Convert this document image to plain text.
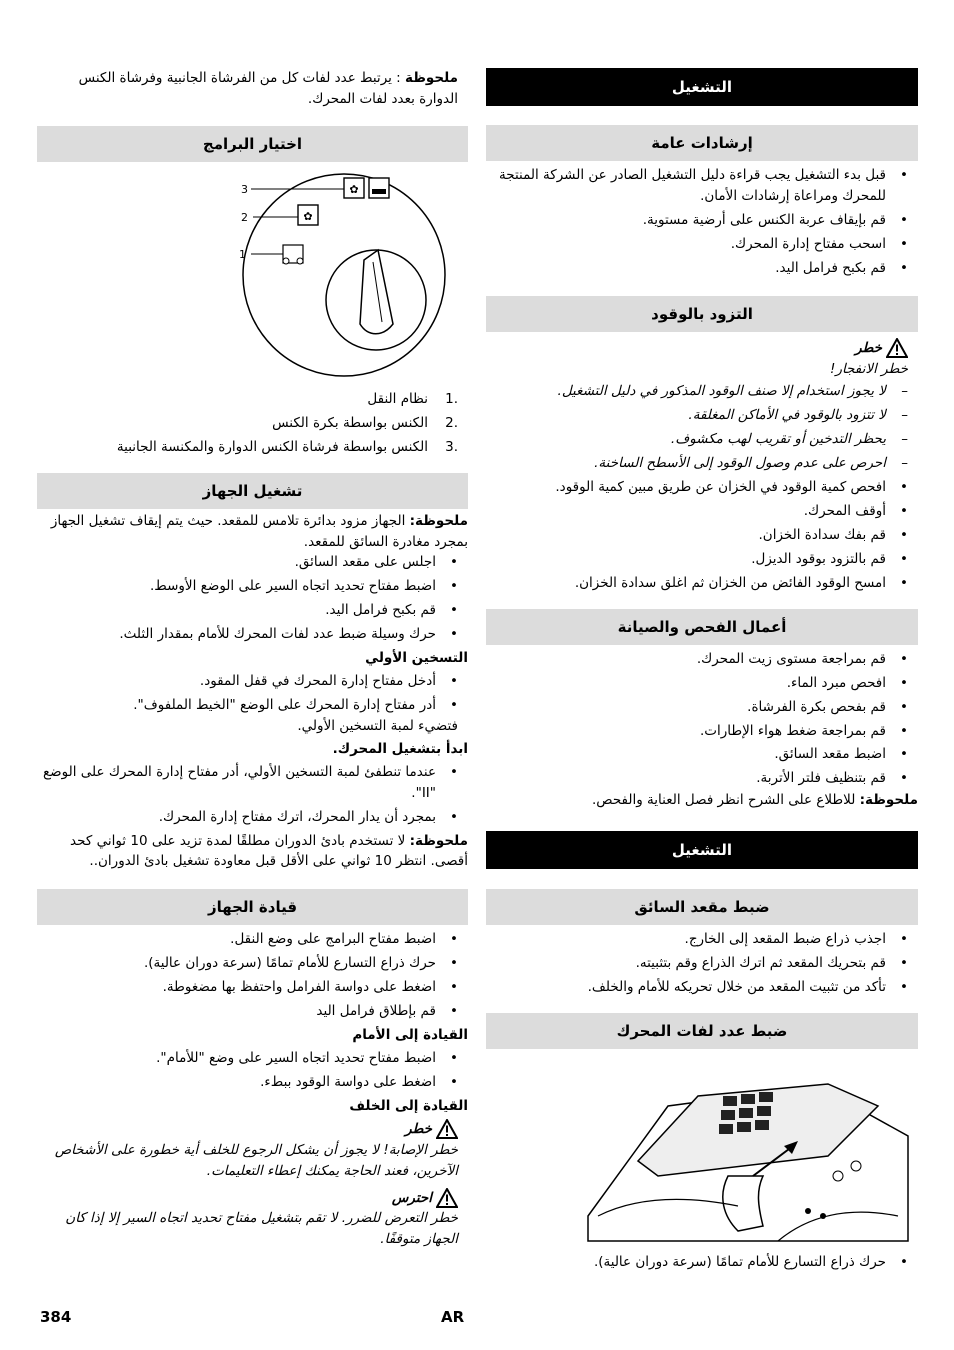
التشغيل
إرشادات عامة
• قبل بدء التشغيل يجب قراءة دليل التشغيل الصادر عن الشركة المنتجة للمحرك ومراعاة إرشادات الأمان.
• قم بإيقاف عربة الكنس على أرضية مستوية.
• اسحب مفتاح إدارة المحرك.
• قم بكبح فرامل اليد.
التزود بالوقود
خطر
خطر الانفجار!
– لا يجوز استخدام إلا صنف الوقود المذكور في دليل التشغيل.
– لا تتزود بالوقود في الأماكن المغلقة.
– يحظر التدخين أو تقريب لهب مكشوف.
– احرص على عدم وصول الوقود إلى الأسطح الساخنة.
• افحص كمية الوقود في الخزان عن طريق مبين كمية الوقود.
• أوقف المحرك.
• قم بفك سدادة الخزان.
• قم بالتزود بوقود الديزل.
• امسح الوقود الفائض من الخزان ثم اغلق سدادة الخزان.
أعمال الفحص والصيانة
• قم بمراجعة مستوى زيت المحرك.
• افحص مبرد الماء.
• قم بفحص بكرة الفرشاة.
• قم بمراجعة ضغط هواء الإطارات.
• اضبط مقعد السائق.
• قم بتنظيف فلتر الأتربة.

ملحوظة: للاطلاع على الشرح انظر فصل العناية والفحص.

التشغيل
ضبط مقعد السائق
• اجذب ذراع ضبط المقعد إلى الخارج.
• قم بتحريك المقعد ثم اترك الذراع وقم بتثبيته.
• تأكد من تثبيت المقعد من خلال تحريكه للأمام والخلف.
ضبط عدد لفات المحرك
• حرك ذراع التسارع للأمام تمامًا (سرعة دوران عالية).

ملحوظة : يرتبط عدد لفات كل من الفرشاة الجانبية وفرشاة الكنس الدوارة بعدد لفات المحرك.

اختيار البرامج
✿
✿
3
2
1
1.
نظام النقل
2.
الكنس بواسطة بكرة الكنس
3.
الكنس بواسطة فرشاة الكنس الدوارة والمكنسة الجانبية
تشغيل الجهاز

ملحوظة: الجهاز مزود بدائرة تلامس للمقعد. حيث يتم إيقاف تشغيل الجهاز بمجرد مغادرة السائق للمقعد.

• اجلس على مقعد السائق.
• اضبط مفتاح تحديد اتجاه السير على الوضع الأوسط.
• قم بكبح فرامل اليد.
• حرك وسيلة ضبط عدد لفات المحرك للأمام بمقدار الثلث.
التسخين الأولي
• أدخل مفتاح إدارة المحرك في قفل المقود.
• أدر مفتاح إدارة المحرك على الوضع "الخيط الملفوف".
فتضيء لمبة التسخين الأولي.
ابدأ بتشغيل المحرك.
• عندما تنطفئ لمبة التسخين الأولي، أدر مفتاح إدارة المحرك على الوضع "II".
• بمجرد أن يدار المحرك، اترك مفتاح إدارة المحرك.

ملحوظة: لا تستخدم بادئ الدوران مطلقًا لمدة تزيد على 10 ثواني كحد أقصى. انتظر 10 ثواني على الأقل قبل معاودة تشغيل بادئ الدوران..

قيادة الجهاز
• اضبط مفتاح البرامج على وضع النقل.
• حرك ذراع التسارع للأمام تمامًا (سرعة دوران عالية).
• اضغط على دواسة الفرامل واحتفظ بها مضغوطة.
• قم بإطلاق فرامل اليد
القيادة إلى الأمام
• اضبط مفتاح تحديد اتجاه السير على وضع "للأمام".
• اضغط على دواسة الوقود ببطء.
القيادة إلى الخلف
خطر
خطر الإصابة! لا يجوز أن يشكل الرجوع للخلف أية خطورة على الأشخاص الآخرين، فعند الحاجة يمكنك إعطاء التعليمات.
احترس
خطر التعرض للضرر. لا تقم بتشغيل مفتاح تحديد اتجاه السير إلا إذا كان الجهاز متوقفًا.
384	AR
